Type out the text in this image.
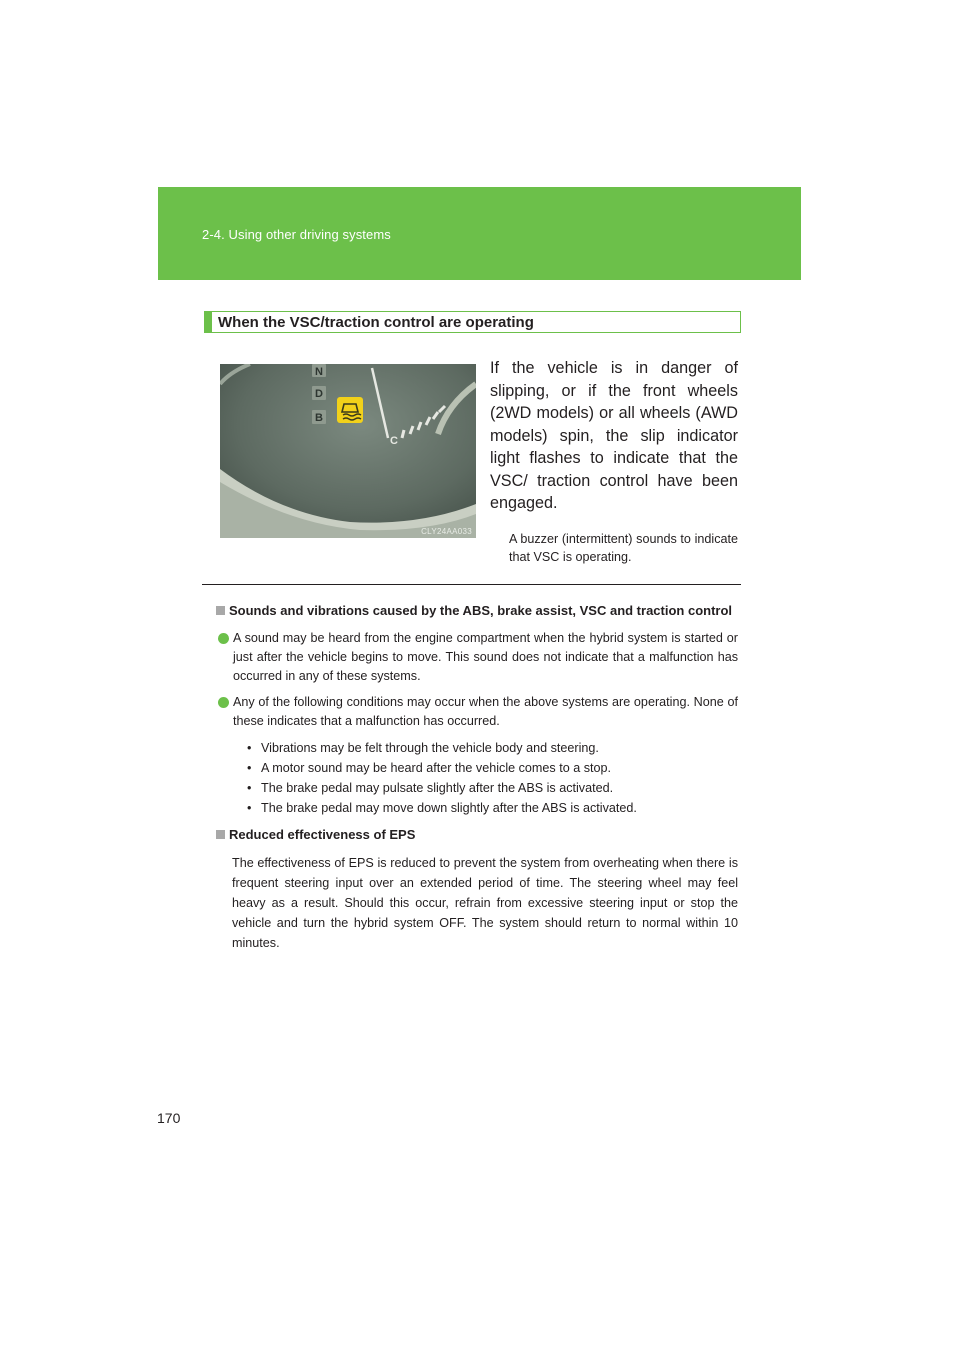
2-4. Using other driving systems
When the VSC/traction control are operating
N
D
B
C
CLY24AA033
If the vehicle is in danger of slipping, or if the front wheels (2WD models) or all wheels (AWD models) spin, the slip indicator light flashes to indicate that the VSC/ traction control have been engaged.
A buzzer (intermittent) sounds to indicate that VSC is operating.
Sounds and vibrations caused by the ABS, brake assist, VSC and traction control
A sound may be heard from the engine compartment when the hybrid system is started or just after the vehicle begins to move. This sound does not indicate that a malfunction has occurred in any of these systems.
Any of the following conditions may occur when the above systems are operating. None of these indicates that a malfunction has occurred.
• Vibrations may be felt through the vehicle body and steering.
• A motor sound may be heard after the vehicle comes to a stop.
• The brake pedal may pulsate slightly after the ABS is activated.
• The brake pedal may move down slightly after the ABS is activated.
Reduced effectiveness of EPS
The effectiveness of EPS is reduced to prevent the system from overheating when there is frequent steering input over an extended period of time. The steering wheel may feel heavy as a result. Should this occur, refrain from excessive steering input or stop the vehicle and turn the hybrid system OFF. The system should return to normal within 10 minutes.
170
